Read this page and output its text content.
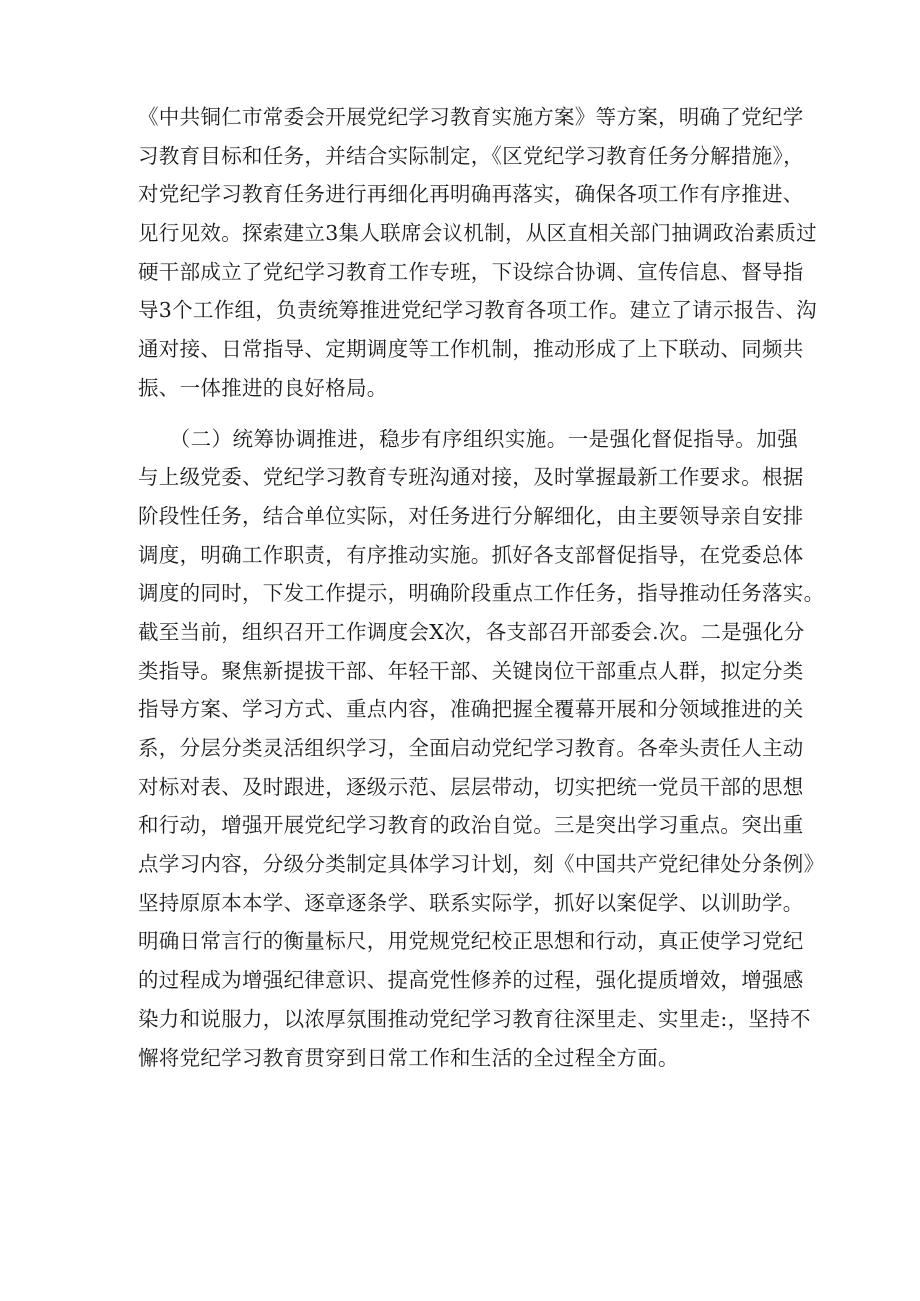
《中共铜仁市常委会开展党纪学习教育实施方案》等方案，明确了党纪学
习教育目标和任务，并结合实际制定，《区党纪学习教育任务分解措施》，
对党纪学习教育任务进行再细化再明确再落实，确保各项工作有序推进、
见行见效。探索建立3集人联席会议机制，从区直相关部门抽调政治素质过
硬干部成立了党纪学习教育工作专班，下设综合协调、宣传信息、督导指
导3个工作组，负责统筹推进党纪学习教育各项工作。建立了请示报告、沟
通对接、日常指导、定期调度等工作机制，推动形成了上下联动、同频共
振、一体推进的良好格局。
　　（二）统筹协调推进，稳步有序组织实施。一是强化督促指导。加强
与上级党委、党纪学习教育专班沟通对接，及时掌握最新工作要求。根据
阶段性任务，结合单位实际，对任务进行分解细化，由主要领导亲自安排
调度，明确工作职责，有序推动实施。抓好各支部督促指导，在党委总体
调度的同时，下发工作提示，明确阶段重点工作任务，指导推动任务落实。
截至当前，组织召开工作调度会X次，各支部召开部委会.次。二是强化分
类指导。聚焦新提拔干部、年轻干部、关键岗位干部重点人群，拟定分类
指导方案、学习方式、重点内容，准确把握全覆幕开展和分领域推进的关
系，分层分类灵活组织学习，全面启动党纪学习教育。各牵头责任人主动
对标对表、及时跟进，逐级示范、层层带动，切实把统一党员干部的思想
和行动，增强开展党纪学习教育的政治自觉。三是突出学习重点。突出重
点学习内容，分级分类制定具体学习计划，刻《中国共产党纪律处分条例》
坚持原原本本学、逐章逐条学、联系实际学，抓好以案促学、以训助学。
明确日常言行的衡量标尺，用党规党纪校正思想和行动，真正使学习党纪
的过程成为增强纪律意识、提高党性修养的过程，强化提质增效，增强感
染力和说服力，以浓厚氛围推动党纪学习教育往深里走、实里走:，坚持不
懈将党纪学习教育贯穿到日常工作和生活的全过程全方面。
